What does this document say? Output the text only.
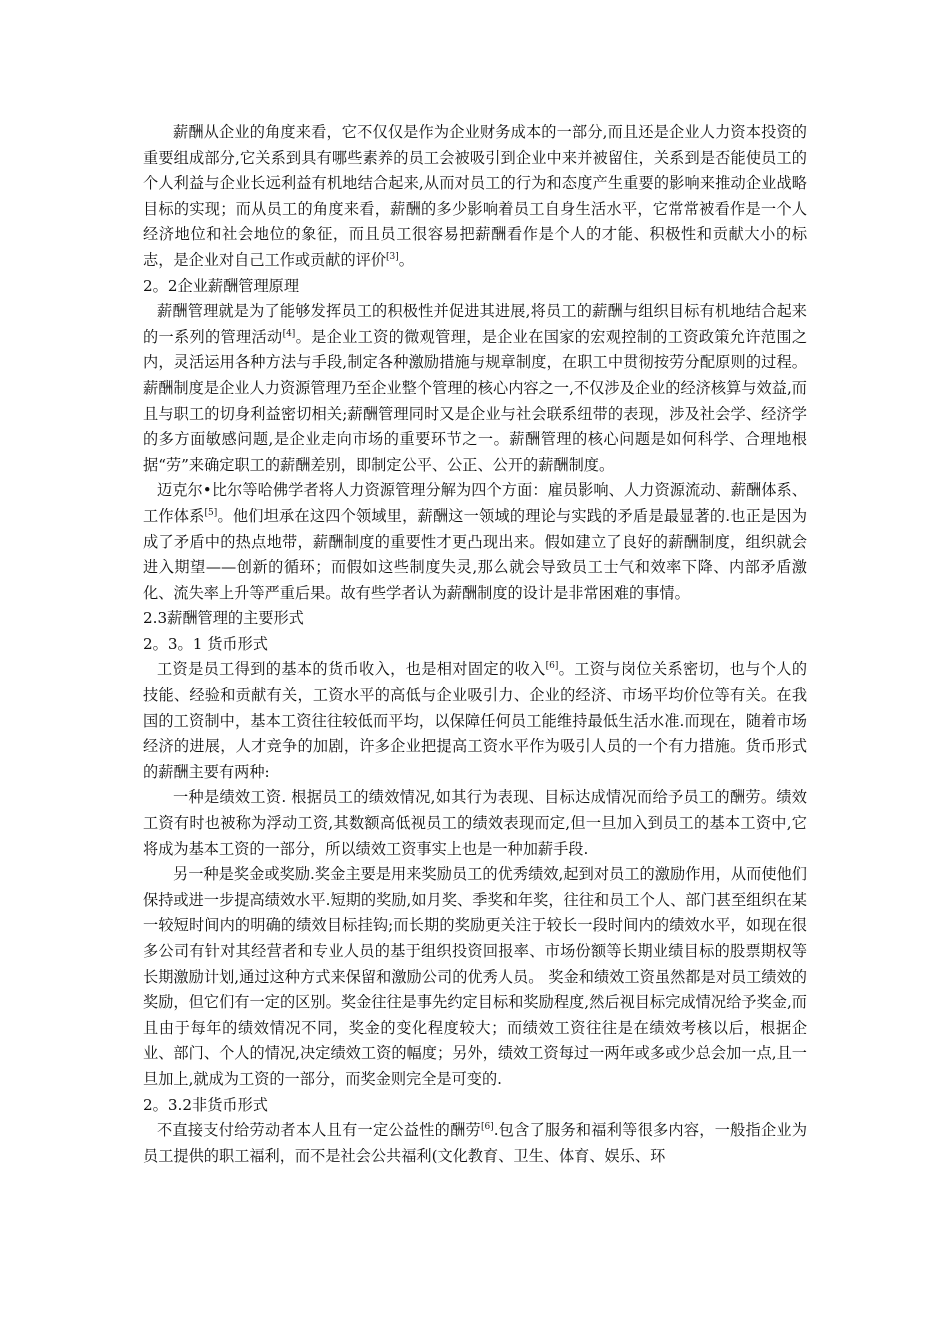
薪酬从企业的角度来看，它不仅仅是作为企业财务成本的一部分,而且还是企业人力资本投资的重要组成部分,它关系到具有哪些素养的员工会被吸引到企业中来并被留住，关系到是否能使员工的个人利益与企业长远利益有机地结合起来,从而对员工的行为和态度产生重要的影响来推动企业战略目标的实现；而从员工的角度来看，薪酬的多少影响着员工自身生活水平，它常常被看作是一个人经济地位和社会地位的象征，而且员工很容易把薪酬看作是个人的才能、积极性和贡献大小的标志，是企业对自己工作或贡献的评价[3]。

2。2企业薪酬管理原理

薪酬管理就是为了能够发挥员工的积极性并促进其进展,将员工的薪酬与组织目标有机地结合起来的一系列的管理活动[4]。是企业工资的微观管理，是企业在国家的宏观控制的工资政策允许范围之内，灵活运用各种方法与手段,制定各种激励措施与规章制度，在职工中贯彻按劳分配原则的过程。薪酬制度是企业人力资源管理乃至企业整个管理的核心内容之一,不仅涉及企业的经济核算与效益,而且与职工的切身利益密切相关;薪酬管理同时又是企业与社会联系纽带的表现，涉及社会学、经济学的多方面敏感问题,是企业走向市场的重要环节之一。薪酬管理的核心问题是如何科学、合理地根据“劳”来确定职工的薪酬差别，即制定公平、公正、公开的薪酬制度。

迈克尔•比尔等哈佛学者将人力资源管理分解为四个方面：雇员影响、人力资源流动、薪酬体系、工作体系[5]。他们坦承在这四个领域里，薪酬这一领域的理论与实践的矛盾是最显著的.也正是因为成了矛盾中的热点地带，薪酬制度的重要性才更凸现出来。假如建立了良好的薪酬制度，组织就会进入期望——创新的循环；而假如这些制度失灵,那么就会导致员工士气和效率下降、内部矛盾激化、流失率上升等严重后果。故有些学者认为薪酬制度的设计是非常困难的事情。

2.3薪酬管理的主要形式

2。3。1 货币形式

工资是员工得到的基本的货币收入，也是相对固定的收入[6]。工资与岗位关系密切，也与个人的技能、经验和贡献有关，工资水平的高低与企业吸引力、企业的经济、市场平均价位等有关。在我国的工资制中，基本工资往往较低而平均，以保障任何员工能维持最低生活水准.而现在，随着市场经济的进展，人才竞争的加剧，许多企业把提高工资水平作为吸引人员的一个有力措施。货币形式的薪酬主要有两种:

一种是绩效工资. 根据员工的绩效情况,如其行为表现、目标达成情况而给予员工的酬劳。绩效工资有时也被称为浮动工资,其数额高低视员工的绩效表现而定,但一旦加入到员工的基本工资中,它将成为基本工资的一部分，所以绩效工资事实上也是一种加薪手段.

另一种是奖金或奖励.奖金主要是用来奖励员工的优秀绩效,起到对员工的激励作用，从而使他们保持或进一步提高绩效水平.短期的奖励,如月奖、季奖和年奖，往往和员工个人、部门甚至组织在某一较短时间内的明确的绩效目标挂钩;而长期的奖励更关注于较长一段时间内的绩效水平，如现在很多公司有针对其经营者和专业人员的基于组织投资回报率、市场份额等长期业绩目标的股票期权等长期激励计划,通过这种方式来保留和激励公司的优秀人员。 奖金和绩效工资虽然都是对员工绩效的奖励，但它们有一定的区别。奖金往往是事先约定目标和奖励程度,然后视目标完成情况给予奖金,而且由于每年的绩效情况不同，奖金的变化程度较大；而绩效工资往往是在绩效考核以后，根据企业、部门、个人的情况,决定绩效工资的幅度；另外，绩效工资每过一两年或多或少总会加一点,且一旦加上,就成为工资的一部分，而奖金则完全是可变的.

2。3.2非货币形式

不直接支付给劳动者本人且有一定公益性的酬劳[6].包含了服务和福利等很多内容，一般指企业为员工提供的职工福利，而不是社会公共福利(文化教育、卫生、体育、娱乐、环
